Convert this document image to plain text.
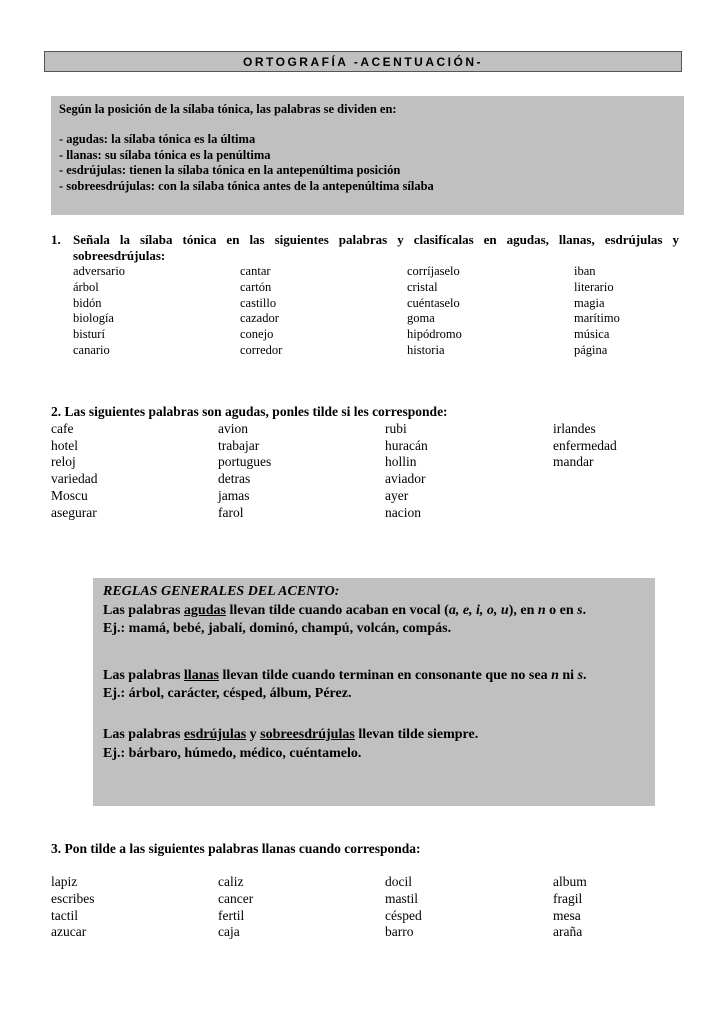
ORTOGRAFÍA -ACENTUACIÓN-
Según la posición de la sílaba tónica, las palabras se dividen en:
- agudas: la sílaba tónica es la última
- llanas: su sílaba tónica es la penúltima
- esdrújulas: tienen la sílaba tónica en la antepenúltima posición
- sobreesdrújulas: con la sílaba tónica antes de la antepenúltima sílaba
1. Señala la sílaba tónica en las siguientes palabras y clasifícalas en agudas, llanas, esdrújulas y
sobreesdrújulas:
adversario	cantar	corríjaselo	iban
árbol	cartón	cristal	literario
bidón	castillo	cuéntaselo	magia
biología	cazador	goma	marítimo
bisturí	conejo	hipódromo	música
canario	corredor	historia	página
2. Las siguientes palabras son agudas, ponles tilde si les corresponde:
cafe	avion	rubi	irlandes
hotel	trabajar	huracán	enfermedad
reloj	portugues	hollin	mandar
variedad	detras	aviador
Moscu	jamas	ayer
asegurar	farol	nacion
REGLAS GENERALES DEL ACENTO:
Las palabras agudas llevan tilde cuando acaban en vocal (a, e, i, o, u), en n o en s.
Ej.: mamá, bebé, jabalí, dominó, champú, volcán, compás.
Las palabras llanas llevan tilde cuando terminan en consonante que no sea n ni s.
Ej.: árbol, carácter, césped, álbum, Pérez.
Las palabras esdrújulas y sobreesdrújulas llevan tilde siempre.
Ej.: bárbaro, húmedo, médico, cuéntamelo.
3. Pon tilde a las siguientes palabras llanas cuando corresponda:
lapiz	caliz	docil	album
escribes	cancer	mastil	fragil
tactil	fertil	césped	mesa
azucar	caja	barro	araña
